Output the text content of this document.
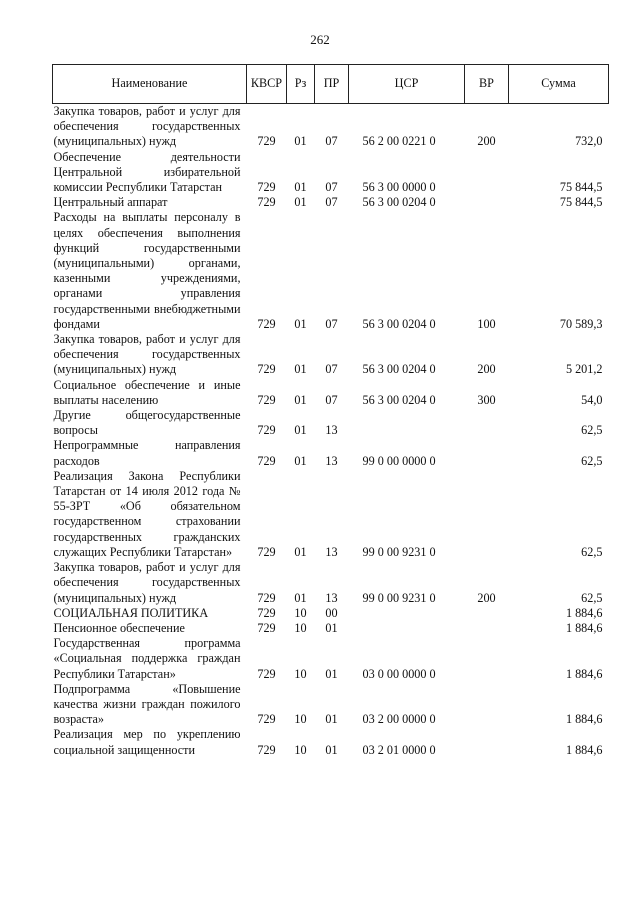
262
Наименование	КВСР	Рз	ПР	ЦСР	ВР	Сумма
Закупка товаров, работ и услуг для обеспечения государственных (муниципальных) нужд	729	01	07	56 2 00 0221 0	200	732,0
Обеспечение деятельности Центральной избирательной комиссии Республики Татарстан	729	01	07	56 3 00 0000 0		75 844,5
Центральный аппарат	729	01	07	56 3 00 0204 0		75 844,5
Расходы на выплаты персоналу в целях обеспечения выполнения функций государственными (муниципальными) органами, казенными учреждениями, органами управления государственными внебюджетными фондами	729	01	07	56 3 00 0204 0	100	70 589,3
Закупка товаров, работ и услуг для обеспечения государственных (муниципальных) нужд	729	01	07	56 3 00 0204 0	200	5 201,2
Социальное обеспечение и иные выплаты населению	729	01	07	56 3 00 0204 0	300	54,0
Другие общегосударственные вопросы	729	01	13			62,5
Непрограммные направления расходов	729	01	13	99 0 00 0000 0		62,5
Реализация Закона Республики Татарстан от 14 июля 2012 года № 55-ЗРТ «Об обязательном государственном страховании государственных гражданских служащих Республики Татарстан»	729	01	13	99 0 00 9231 0		62,5
Закупка товаров, работ и услуг для обеспечения государственных (муниципальных) нужд	729	01	13	99 0 00 9231 0	200	62,5
СОЦИАЛЬНАЯ ПОЛИТИКА	729	10	00			1 884,6
Пенсионное обеспечение	729	10	01			1 884,6
Государственная программа «Социальная поддержка граждан Республики Татарстан»	729	10	01	03 0 00 0000 0		1 884,6
Подпрограмма «Повышение качества жизни граждан пожилого возраста»	729	10	01	03 2 00 0000 0		1 884,6
Реализация мер по укреплению социальной защищенности	729	10	01	03 2 01 0000 0		1 884,6
